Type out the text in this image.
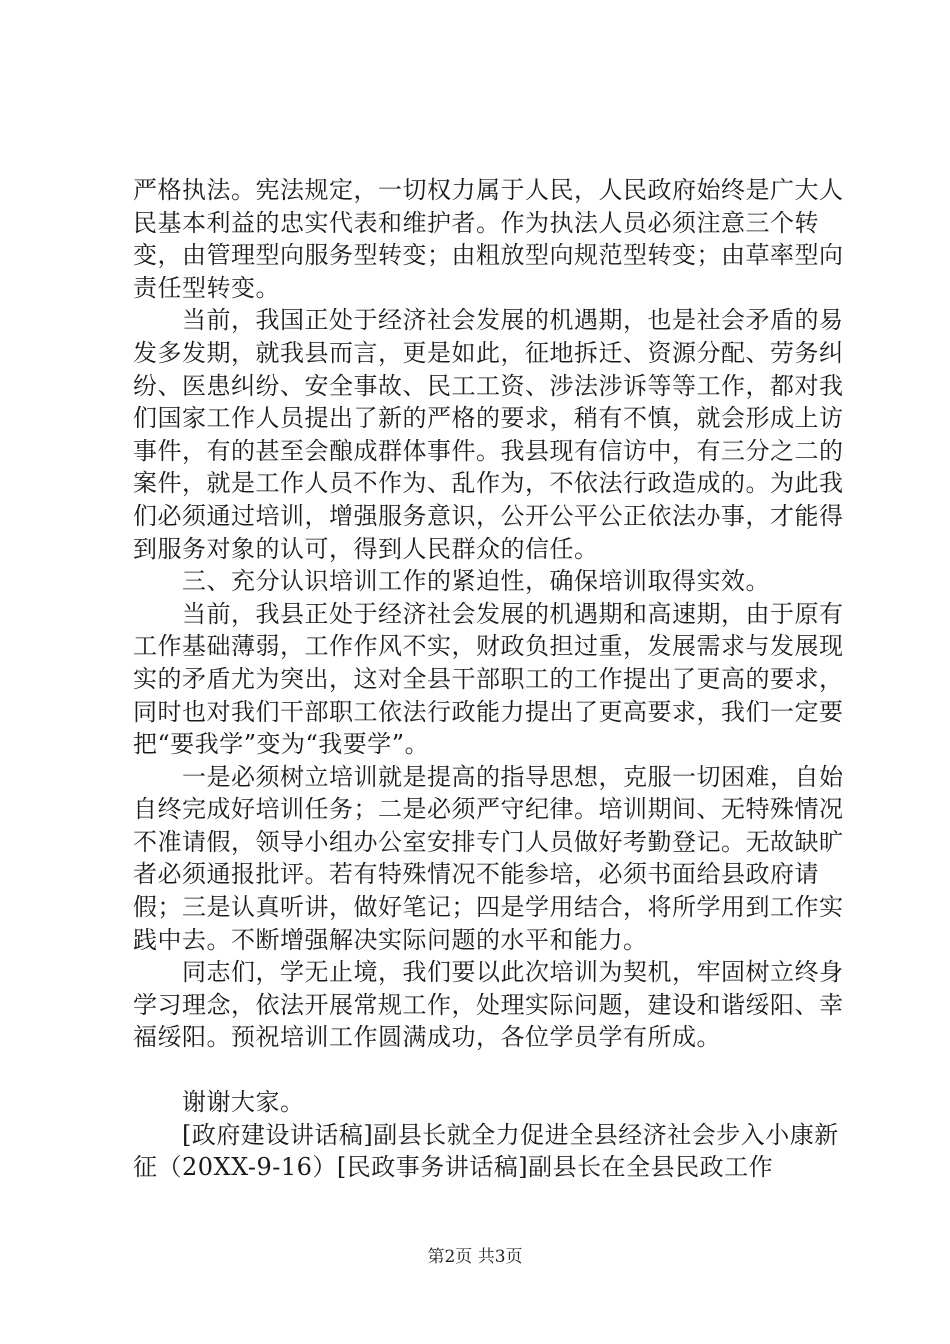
严格执法。宪法规定，一切权力属于人民，人民政府始终是广大人民基本利益的忠实代表和维护者。作为执法人员必须注意三个转变，由管理型向服务型转变；由粗放型向规范型转变；由草率型向责任型转变。

　　当前，我国正处于经济社会发展的机遇期，也是社会矛盾的易发多发期，就我县而言，更是如此，征地拆迁、资源分配、劳务纠纷、医患纠纷、安全事故、民工工资、涉法涉诉等等工作，都对我们国家工作人员提出了新的严格的要求，稍有不慎，就会形成上访事件，有的甚至会酿成群体事件。我县现有信访中，有三分之二的案件，就是工作人员不作为、乱作为，不依法行政造成的。为此我们必须通过培训，增强服务意识，公开公平公正依法办事，才能得到服务对象的认可，得到人民群众的信任。

　　三、充分认识培训工作的紧迫性，确保培训取得实效。

　　当前，我县正处于经济社会发展的机遇期和高速期，由于原有工作基础薄弱，工作作风不实，财政负担过重，发展需求与发展现实的矛盾尤为突出，这对全县干部职工的工作提出了更高的要求，同时也对我们干部职工依法行政能力提出了更高要求，我们一定要把“要我学”变为“我要学”。

　　一是必须树立培训就是提高的指导思想，克服一切困难，自始自终完成好培训任务；二是必须严守纪律。培训期间、无特殊情况不准请假，领导小组办公室安排专门人员做好考勤登记。无故缺旷者必须通报批评。若有特殊情况不能参培，必须书面给县政府请假；三是认真听讲，做好笔记；四是学用结合，将所学用到工作实践中去。不断增强解决实际问题的水平和能力。

　　同志们，学无止境，我们要以此次培训为契机，牢固树立终身学习理念，依法开展常规工作，处理实际问题，建设和谐绥阳、幸福绥阳。预祝培训工作圆满成功，各位学员学有所成。

　　谢谢大家。

　　[政府建设讲话稿]副县长就全力促进全县经济社会步入小康新征（20XX-9-16）[民政事务讲话稿]副县长在全县民政工作

第2页 共3页
